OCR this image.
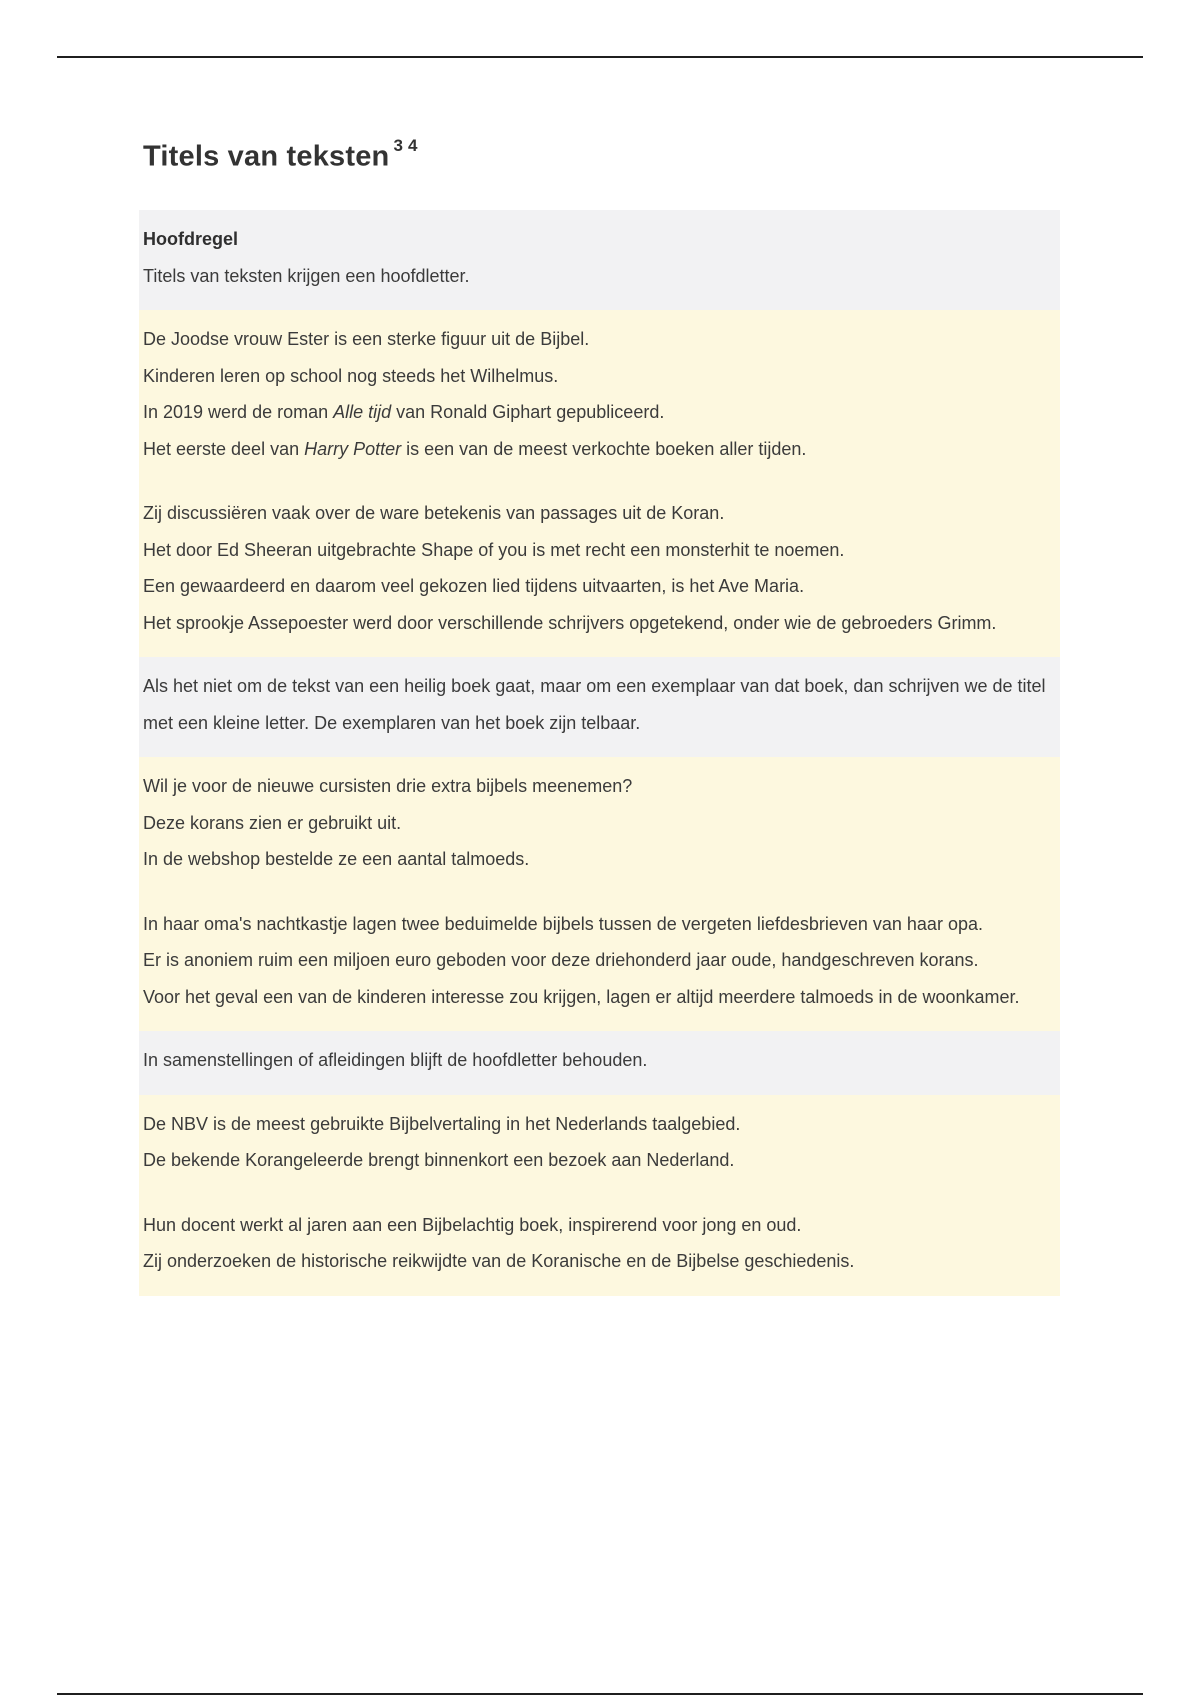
Titels van teksten $^{3 4}$
Hoofdregel
Titels van teksten krijgen een hoofdletter.
De Joodse vrouw Ester is een sterke figuur uit de Bijbel.
Kinderen leren op school nog steeds het Wilhelmus.
In 2019 werd de roman Alle tijd van Ronald Giphart gepubliceerd.
Het eerste deel van Harry Potter is een van de meest verkochte boeken aller tijden.
Zij discussiëren vaak over de ware betekenis van passages uit de Koran.
Het door Ed Sheeran uitgebrachte Shape of you is met recht een monsterhit te noemen.
Een gewaardeerd en daarom veel gekozen lied tijdens uitvaarten, is het Ave Maria.
Het sprookje Assepoester werd door verschillende schrijvers opgetekend, onder wie de gebroeders Grimm.
Als het niet om de tekst van een heilig boek gaat, maar om een exemplaar van dat boek, dan schrijven we de titel met een kleine letter. De exemplaren van het boek zijn telbaar.
Wil je voor de nieuwe cursisten drie extra bijbels meenemen?
Deze korans zien er gebruikt uit.
In de webshop bestelde ze een aantal talmoeds.
In haar oma's nachtkastje lagen twee beduimelde bijbels tussen de vergeten liefdesbrieven van haar opa.
Er is anoniem ruim een miljoen euro geboden voor deze driehonderd jaar oude, handgeschreven korans.
Voor het geval een van de kinderen interesse zou krijgen, lagen er altijd meerdere talmoeds in de woonkamer.
In samenstellingen of afleidingen blijft de hoofdletter behouden.
De NBV is de meest gebruikte Bijbelvertaling in het Nederlands taalgebied.
De bekende Korangeleerde brengt binnenkort een bezoek aan Nederland.
Hun docent werkt al jaren aan een Bijbelachtig boek, inspirerend voor jong en oud.
Zij onderzoeken de historische reikwijdte van de Koranische en de Bijbelse geschiedenis.
